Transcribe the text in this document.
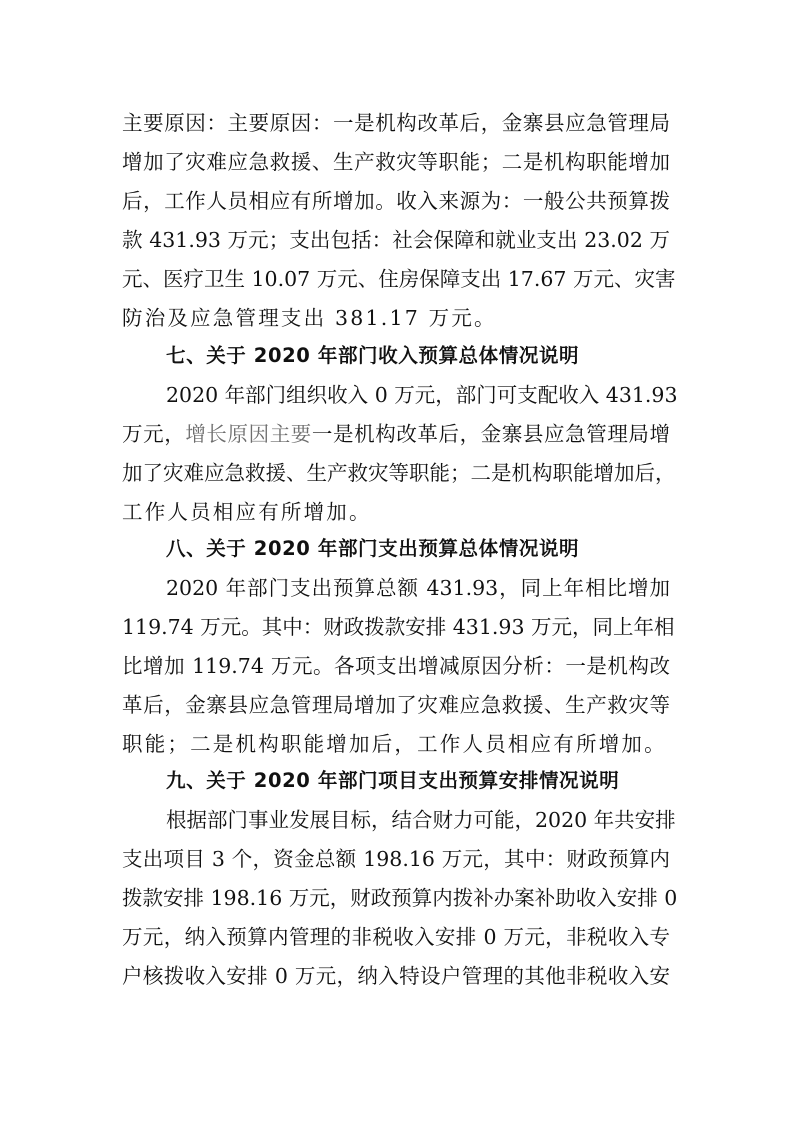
主要原因：主要原因：一是机构改革后，金寨县应急管理局
增加了灾难应急救援、生产救灾等职能；二是机构职能增加
后，工作人员相应有所增加。收入来源为：一般公共预算拨
款 431.93 万元；支出包括：社会保障和就业支出 23.02 万
元、医疗卫生 10.07 万元、住房保障支出 17.67 万元、灾害
防治及应急管理支出 381.17 万元。
七、关于 2020 年部门收入预算总体情况说明
2020 年部门组织收入 0 万元，部门可支配收入 431.93
万元，增长原因主要一是机构改革后，金寨县应急管理局增
加了灾难应急救援、生产救灾等职能；二是机构职能增加后，
工作人员相应有所增加。
八、关于 2020 年部门支出预算总体情况说明
2020 年部门支出预算总额 431.93，同上年相比增加
119.74 万元。其中：财政拨款安排 431.93 万元，同上年相
比增加 119.74 万元。各项支出增减原因分析：一是机构改
革后，金寨县应急管理局增加了灾难应急救援、生产救灾等
职能；二是机构职能增加后，工作人员相应有所增加。
九、关于 2020 年部门项目支出预算安排情况说明
根据部门事业发展目标，结合财力可能，2020 年共安排
支出项目 3 个，资金总额 198.16 万元，其中：财政预算内
拨款安排 198.16 万元，财政预算内拨补办案补助收入安排 0
万元，纳入预算内管理的非税收入安排 0 万元，非税收入专
户核拨收入安排 0 万元，纳入特设户管理的其他非税收入安
